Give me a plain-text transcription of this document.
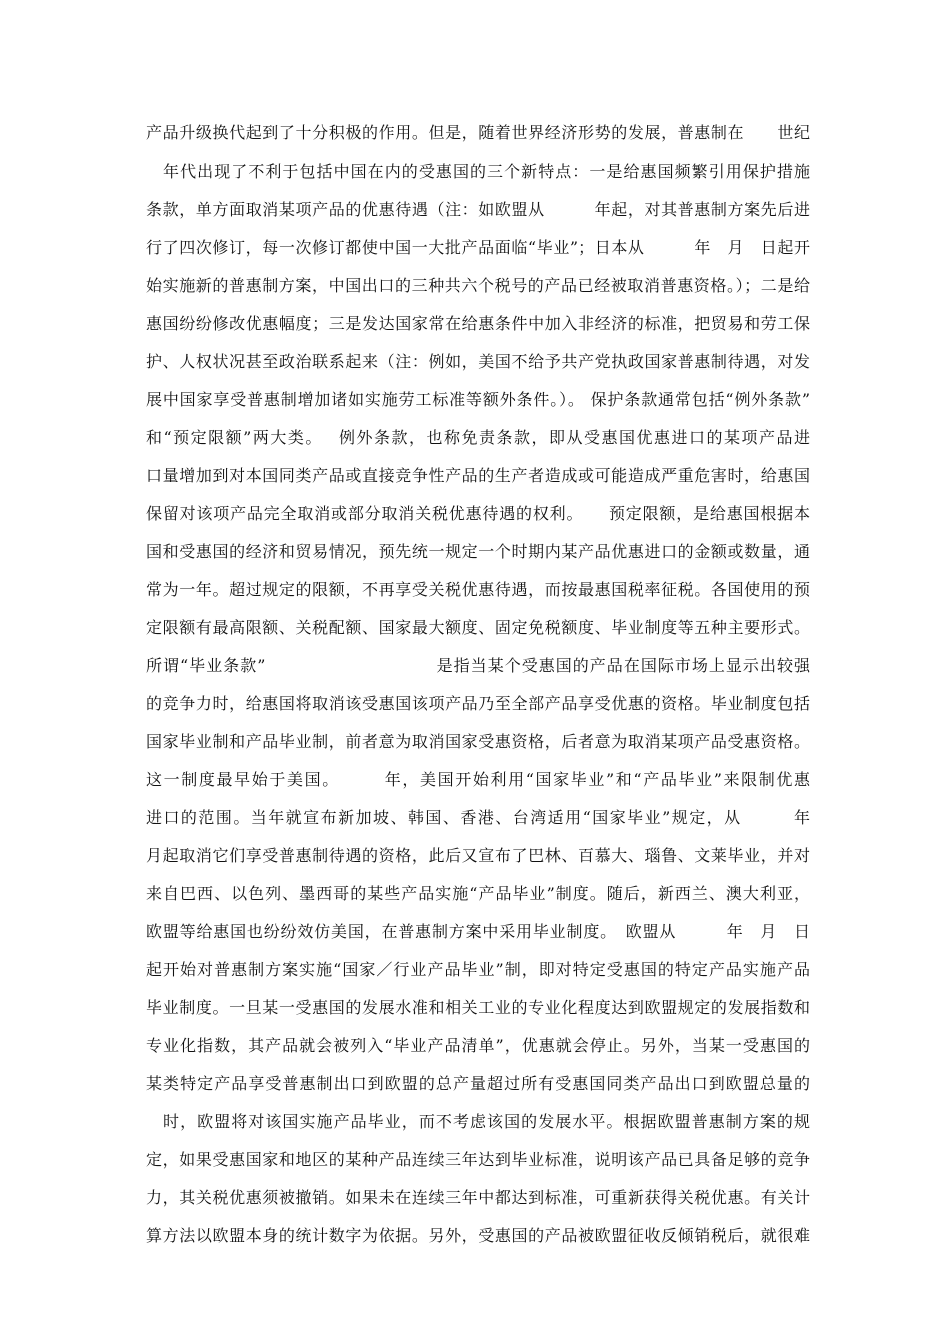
产品升级换代起到了十分积极的作用。但是，随着世界经济形势的发展，普惠制在　　世纪
　年代出现了不利于包括中国在内的受惠国的三个新特点：一是给惠国频繁引用保护措施
条款，单方面取消某项产品的优惠待遇（注：如欧盟从　　　年起，对其普惠制方案先后进
行了四次修订，每一次修订都使中国一大批产品面临“毕业”；日本从　　　年　月　日起开
始实施新的普惠制方案，中国出口的三种共六个税号的产品已经被取消普惠资格。）；二是给
惠国纷纷修改优惠幅度；三是发达国家常在给惠条件中加入非经济的标准，把贸易和劳工保
护、人权状况甚至政治联系起来（注：例如，美国不给予共产党执政国家普惠制待遇，对发
展中国家享受普惠制增加诸如实施劳工标准等额外条件。）。 保护条款通常包括“例外条款”
和“预定限额”两大类。　 例外条款，也称免责条款，即从受惠国优惠进口的某项产品进
口量增加到对本国同类产品或直接竞争性产品的生产者造成或可能造成严重危害时，给惠国
保留对该项产品完全取消或部分取消关税优惠待遇的权利。　　预定限额，是给惠国根据本
国和受惠国的经济和贸易情况，预先统一规定一个时期内某产品优惠进口的金额或数量，通
常为一年。超过规定的限额，不再享受关税优惠待遇，而按最惠国税率征税。各国使用的预
定限额有最高限额、关税配额、国家最大额度、固定免税额度、毕业制度等五种主要形式。
所谓“毕业条款”　　　　　　　　　　是指当某个受惠国的产品在国际市场上显示出较强
的竞争力时，给惠国将取消该受惠国该项产品乃至全部产品享受优惠的资格。毕业制度包括
国家毕业制和产品毕业制，前者意为取消国家受惠资格，后者意为取消某项产品受惠资格。
这一制度最早始于美国。　　　年，美国开始利用“国家毕业”和“产品毕业”来限制优惠
进口的范围。当年就宣布新加坡、韩国、香港、台湾适用“国家毕业”规定，从　　　年
月起取消它们享受普惠制待遇的资格，此后又宣布了巴林、百慕大、瑙鲁、文莱毕业，并对
来自巴西、以色列、墨西哥的某些产品实施“产品毕业”制度。随后，新西兰、澳大利亚，
欧盟等给惠国也纷纷效仿美国，在普惠制方案中采用毕业制度。　欧盟从　　　年　月　日
起开始对普惠制方案实施“国家／行业产品毕业”制，即对特定受惠国的特定产品实施产品
毕业制度。一旦某一受惠国的发展水准和相关工业的专业化程度达到欧盟规定的发展指数和
专业化指数，其产品就会被列入“毕业产品清单”，优惠就会停止。另外，当某一受惠国的
某类特定产品享受普惠制出口到欧盟的总产量超过所有受惠国同类产品出口到欧盟总量的
　时，欧盟将对该国实施产品毕业，而不考虑该国的发展水平。根据欧盟普惠制方案的规
定，如果受惠国家和地区的某种产品连续三年达到毕业标准，说明该产品已具备足够的竞争
力，其关税优惠须被撤销。如果未在连续三年中都达到标准，可重新获得关税优惠。有关计
算方法以欧盟本身的统计数字为依据。另外，受惠国的产品被欧盟征收反倾销税后，就很难
